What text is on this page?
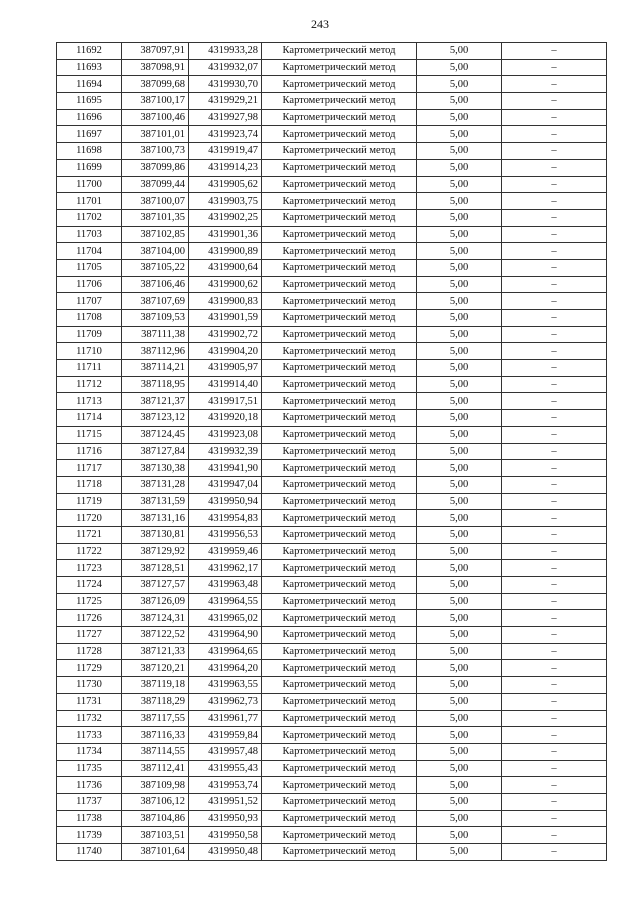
243
11692	387097,91	4319933,28	Картометрический метод	5,00	–
11693	387098,91	4319932,07	Картометрический метод	5,00	–
11694	387099,68	4319930,70	Картометрический метод	5,00	–
11695	387100,17	4319929,21	Картометрический метод	5,00	–
11696	387100,46	4319927,98	Картометрический метод	5,00	–
11697	387101,01	4319923,74	Картометрический метод	5,00	–
11698	387100,73	4319919,47	Картометрический метод	5,00	–
11699	387099,86	4319914,23	Картометрический метод	5,00	–
11700	387099,44	4319905,62	Картометрический метод	5,00	–
11701	387100,07	4319903,75	Картометрический метод	5,00	–
11702	387101,35	4319902,25	Картометрический метод	5,00	–
11703	387102,85	4319901,36	Картометрический метод	5,00	–
11704	387104,00	4319900,89	Картометрический метод	5,00	–
11705	387105,22	4319900,64	Картометрический метод	5,00	–
11706	387106,46	4319900,62	Картометрический метод	5,00	–
11707	387107,69	4319900,83	Картометрический метод	5,00	–
11708	387109,53	4319901,59	Картометрический метод	5,00	–
11709	387111,38	4319902,72	Картометрический метод	5,00	–
11710	387112,96	4319904,20	Картометрический метод	5,00	–
11711	387114,21	4319905,97	Картометрический метод	5,00	–
11712	387118,95	4319914,40	Картометрический метод	5,00	–
11713	387121,37	4319917,51	Картометрический метод	5,00	–
11714	387123,12	4319920,18	Картометрический метод	5,00	–
11715	387124,45	4319923,08	Картометрический метод	5,00	–
11716	387127,84	4319932,39	Картометрический метод	5,00	–
11717	387130,38	4319941,90	Картометрический метод	5,00	–
11718	387131,28	4319947,04	Картометрический метод	5,00	–
11719	387131,59	4319950,94	Картометрический метод	5,00	–
11720	387131,16	4319954,83	Картометрический метод	5,00	–
11721	387130,81	4319956,53	Картометрический метод	5,00	–
11722	387129,92	4319959,46	Картометрический метод	5,00	–
11723	387128,51	4319962,17	Картометрический метод	5,00	–
11724	387127,57	4319963,48	Картометрический метод	5,00	–
11725	387126,09	4319964,55	Картометрический метод	5,00	–
11726	387124,31	4319965,02	Картометрический метод	5,00	–
11727	387122,52	4319964,90	Картометрический метод	5,00	–
11728	387121,33	4319964,65	Картометрический метод	5,00	–
11729	387120,21	4319964,20	Картометрический метод	5,00	–
11730	387119,18	4319963,55	Картометрический метод	5,00	–
11731	387118,29	4319962,73	Картометрический метод	5,00	–
11732	387117,55	4319961,77	Картометрический метод	5,00	–
11733	387116,33	4319959,84	Картометрический метод	5,00	–
11734	387114,55	4319957,48	Картометрический метод	5,00	–
11735	387112,41	4319955,43	Картометрический метод	5,00	–
11736	387109,98	4319953,74	Картометрический метод	5,00	–
11737	387106,12	4319951,52	Картометрический метод	5,00	–
11738	387104,86	4319950,93	Картометрический метод	5,00	–
11739	387103,51	4319950,58	Картометрический метод	5,00	–
11740	387101,64	4319950,48	Картометрический метод	5,00	–
